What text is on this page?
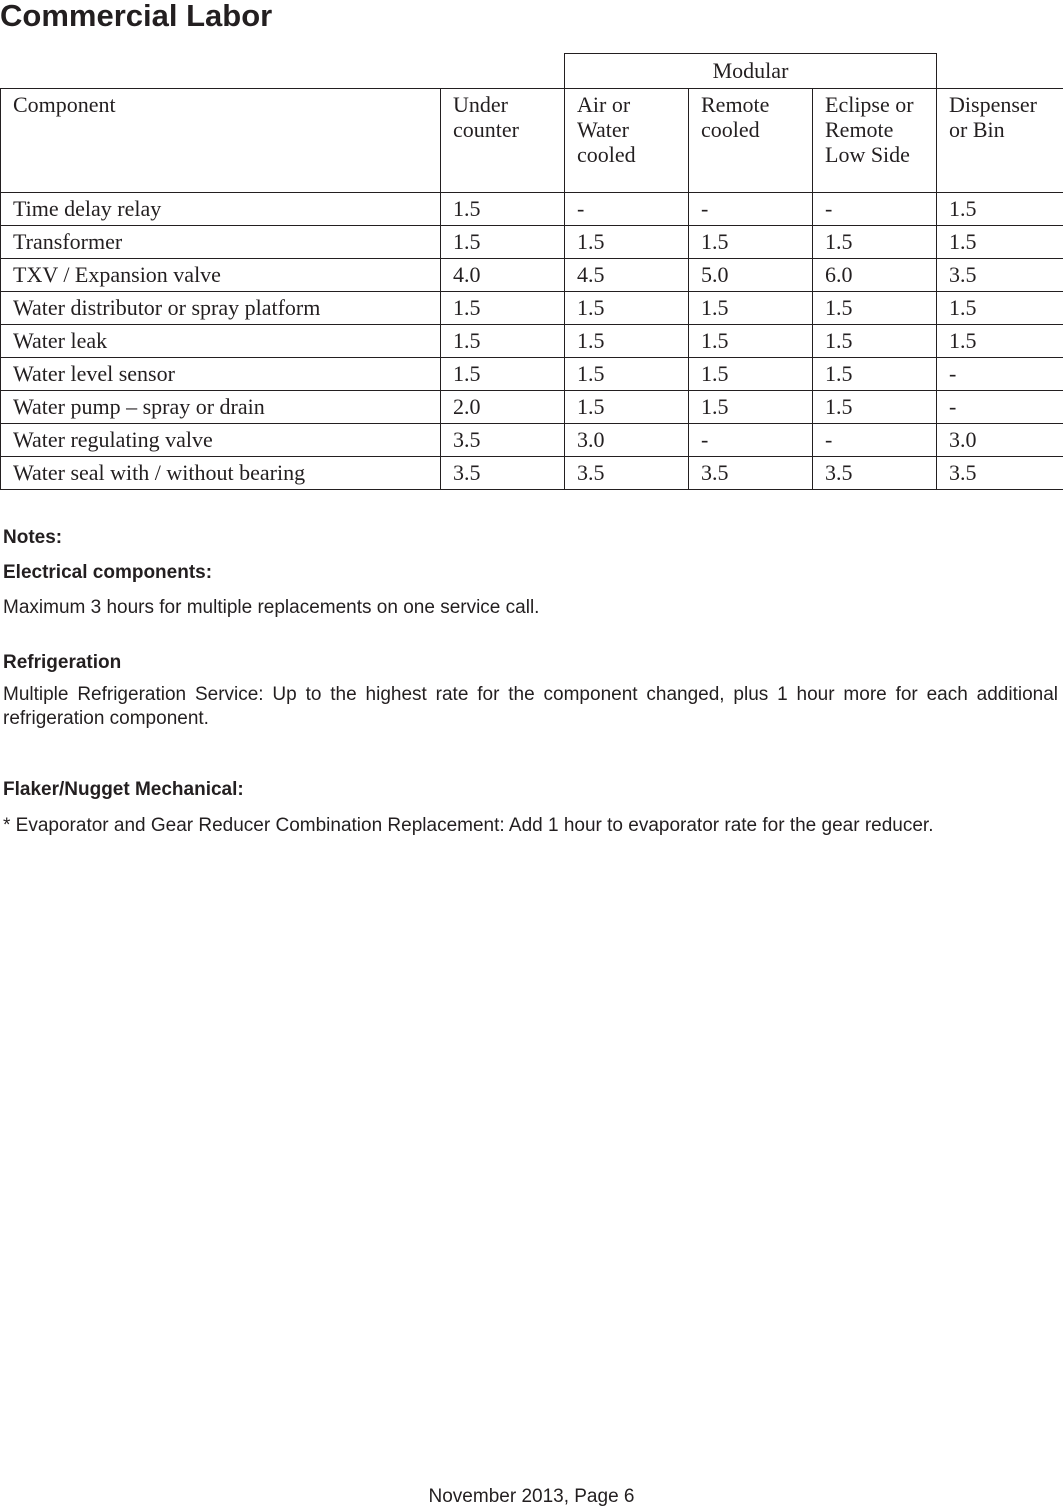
Commercial Labor
		Modular			
Component	Under counter	Air or Water cooled	Remote cooled	Eclipse or Remote Low Side	Dispenser or Bin

Time delay relay	1.5	-	-	-	1.5
Transformer	1.5	1.5	1.5	1.5	1.5
TXV / Expansion valve	4.0	4.5	5.0	6.0	3.5
Water distributor or spray platform	1.5	1.5	1.5	1.5	1.5
Water leak	1.5	1.5	1.5	1.5	1.5
Water level sensor	1.5	1.5	1.5	1.5	-
Water pump – spray or drain	2.0	1.5	1.5	1.5	-
Water regulating valve	3.5	3.0	-	-	3.0
Water seal with / without bearing	3.5	3.5	3.5	3.5	3.5
Notes:
Electrical components:
Maximum 3 hours for multiple replacements on one service call.
Refrigeration
Multiple Refrigeration Service: Up to the highest rate for the component changed, plus 1 hour more for each additional refrigeration component.
Flaker/Nugget Mechanical:
* Evaporator and Gear Reducer Combination Replacement: Add 1 hour to evaporator rate for the gear reducer.
November 2013, Page 6
